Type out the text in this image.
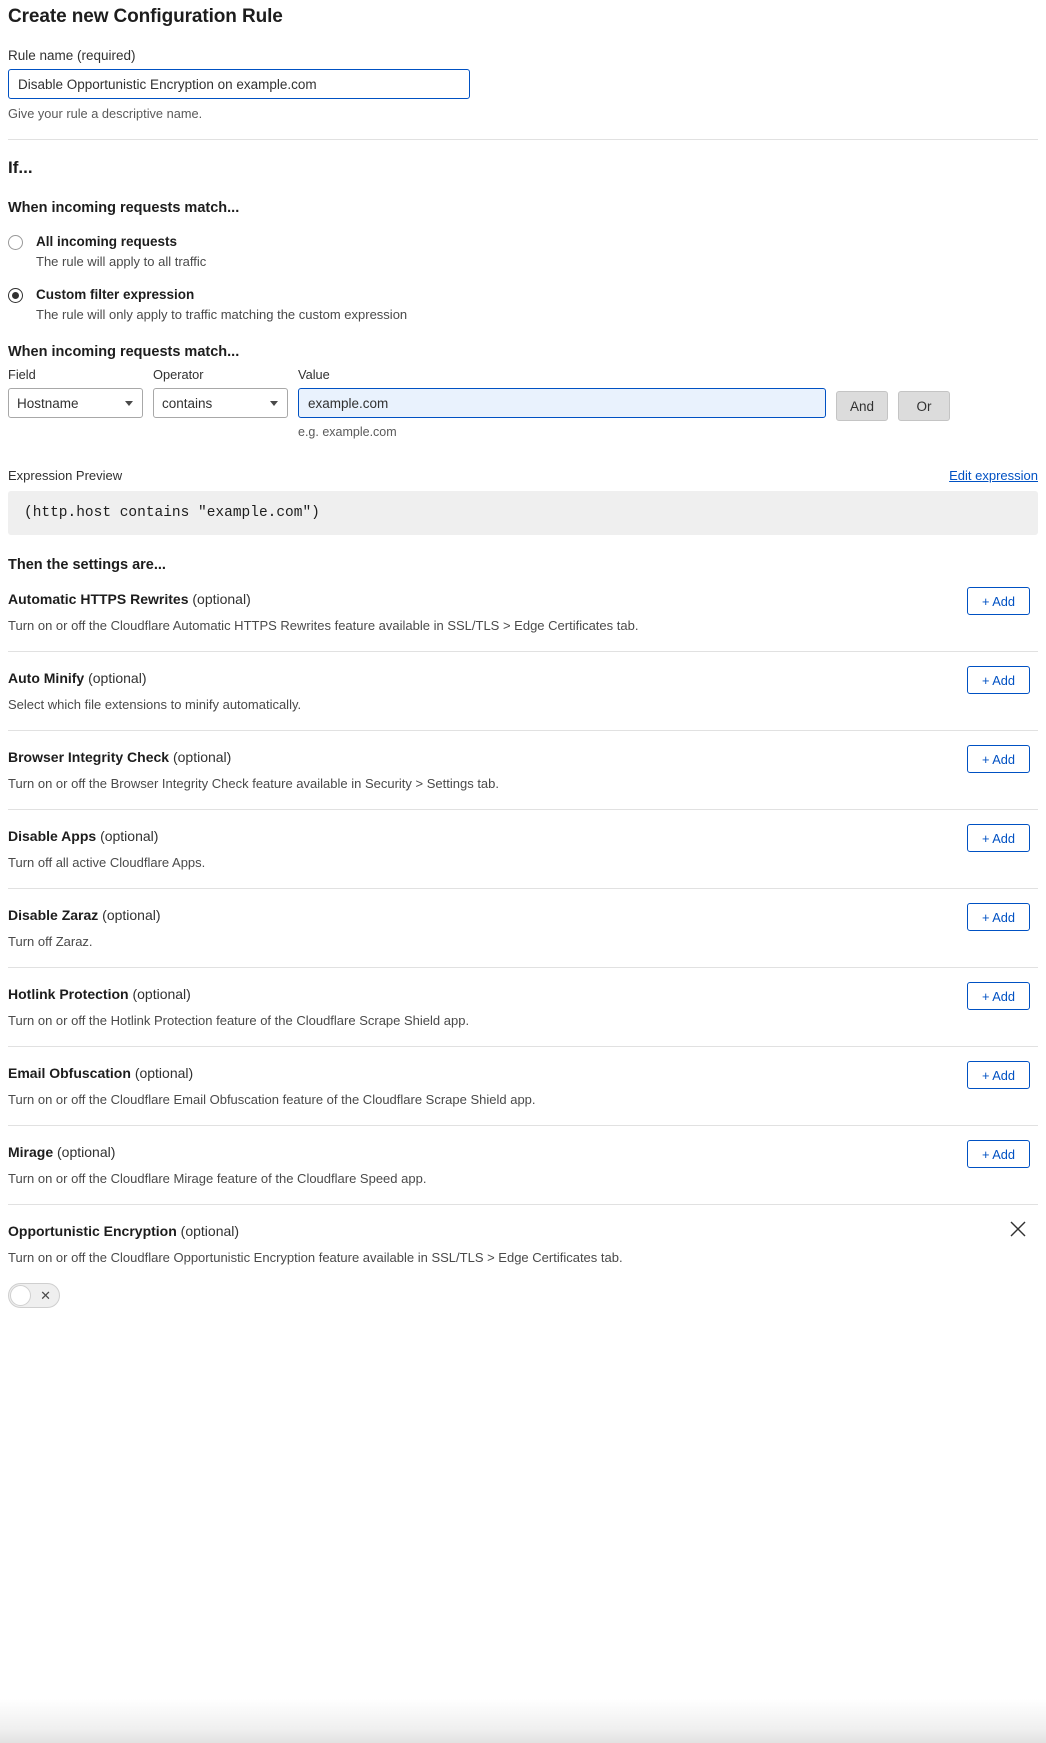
Create new Configuration Rule
Rule name (required)
Disable Opportunistic Encryption on example.com
Give your rule a descriptive name.
If...
When incoming requests match...
All incoming requests
The rule will apply to all traffic
Custom filter expression
The rule will only apply to traffic matching the custom expression
When incoming requests match...
Field
Hostname
Operator
contains
Value
example.com
e.g. example.com
And	Or
Expression Preview	Edit expression
(http.host contains "example.com")
Then the settings are...
Automatic HTTPS Rewrites (optional)
Turn on or off the Cloudflare Automatic HTTPS Rewrites feature available in SSL/TLS > Edge Certificates tab.
+ Add
Auto Minify (optional)
Select which file extensions to minify automatically.
+ Add
Browser Integrity Check (optional)
Turn on or off the Browser Integrity Check feature available in Security > Settings tab.
+ Add
Disable Apps (optional)
Turn off all active Cloudflare Apps.
+ Add
Disable Zaraz (optional)
Turn off Zaraz.
+ Add
Hotlink Protection (optional)
Turn on or off the Hotlink Protection feature of the Cloudflare Scrape Shield app.
+ Add
Email Obfuscation (optional)
Turn on or off the Cloudflare Email Obfuscation feature of the Cloudflare Scrape Shield app.
+ Add
Mirage (optional)
Turn on or off the Cloudflare Mirage feature of the Cloudflare Speed app.
+ Add
Opportunistic Encryption (optional)
Turn on or off the Cloudflare Opportunistic Encryption feature available in SSL/TLS > Edge Certificates tab.
✕
